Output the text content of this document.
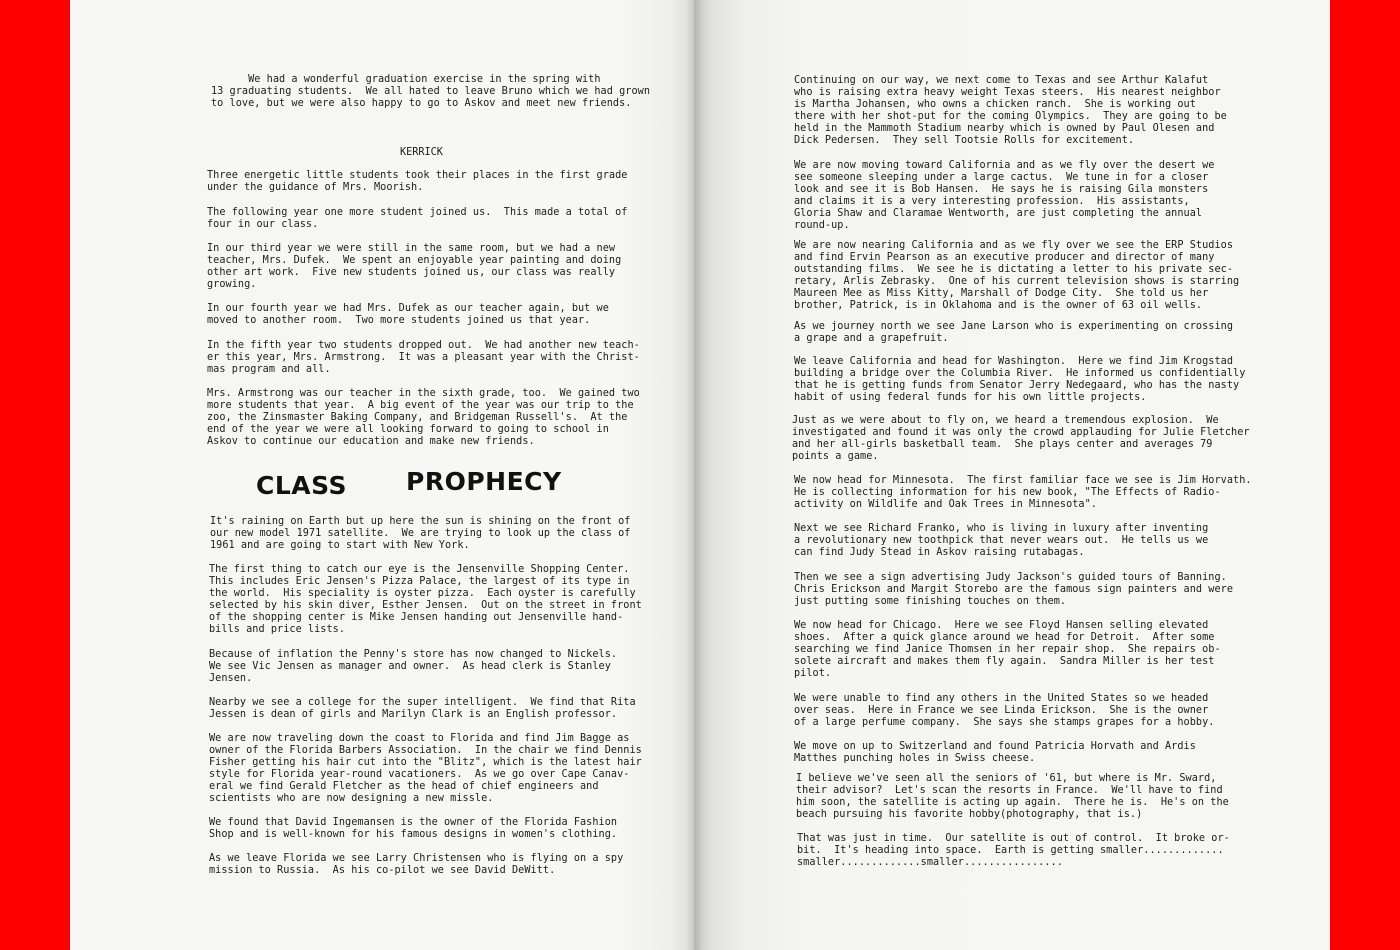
We had a wonderful graduation exercise in the spring with
13 graduating students.  We all hated to leave Bruno which we had grown
to love, but we were also happy to go to Askov and meet new friends.
KERRICK
Three energetic little students took their places in the first grade
under the guidance of Mrs. Moorish.
The following year one more student joined us.  This made a total of
four in our class.
In our third year we were still in the same room, but we had a new
teacher, Mrs. Dufek.  We spent an enjoyable year painting and doing
other art work.  Five new students joined us, our class was really
growing.
In our fourth year we had Mrs. Dufek as our teacher again, but we
moved to another room.  Two more students joined us that year.
In the fifth year two students dropped out.  We had another new teach-
er this year, Mrs. Armstrong.  It was a pleasant year with the Christ-
mas program and all.
Mrs. Armstrong was our teacher in the sixth grade, too.  We gained two
more students that year.  A big event of the year was our trip to the
zoo, the Zinsmaster Baking Company, and Bridgeman Russell's.  At the
end of the year we were all looking forward to going to school in
Askov to continue our education and make new friends.
CLASS PROPHECY
It's raining on Earth but up here the sun is shining on the front of
our new model 1971 satellite.  We are trying to look up the class of
1961 and are going to start with New York.
The first thing to catch our eye is the Jensenville Shopping Center.
This includes Eric Jensen's Pizza Palace, the largest of its type in
the world.  His speciality is oyster pizza.  Each oyster is carefully
selected by his skin diver, Esther Jensen.  Out on the street in front
of the shopping center is Mike Jensen handing out Jensenville hand-
bills and price lists.
Because of inflation the Penny's store has now changed to Nickels.
We see Vic Jensen as manager and owner.  As head clerk is Stanley
Jensen.
Nearby we see a college for the super intelligent.  We find that Rita
Jessen is dean of girls and Marilyn Clark is an English professor.
We are now traveling down the coast to Florida and find Jim Bagge as
owner of the Florida Barbers Association.  In the chair we find Dennis
Fisher getting his hair cut into the "Blitz", which is the latest hair
style for Florida year-round vacationers.  As we go over Cape Canav-
eral we find Gerald Fletcher as the head of chief engineers and
scientists who are now designing a new missle.
We found that David Ingemansen is the owner of the Florida Fashion
Shop and is well-known for his famous designs in women's clothing.
As we leave Florida we see Larry Christensen who is flying on a spy
mission to Russia.  As his co-pilot we see David DeWitt.
Continuing on our way, we next come to Texas and see Arthur Kalafut
who is raising extra heavy weight Texas steers.  His nearest neighbor
is Martha Johansen, who owns a chicken ranch.  She is working out
there with her shot-put for the coming Olympics.  They are going to be
held in the Mammoth Stadium nearby which is owned by Paul Olesen and
Dick Pedersen.  They sell Tootsie Rolls for excitement.
We are now moving toward California and as we fly over the desert we
see someone sleeping under a large cactus.  We tune in for a closer
look and see it is Bob Hansen.  He says he is raising Gila monsters
and claims it is a very interesting profession.  His assistants,
Gloria Shaw and Claramae Wentworth, are just completing the annual
round-up.
We are now nearing California and as we fly over we see the ERP Studios
and find Ervin Pearson as an executive producer and director of many
outstanding films.  We see he is dictating a letter to his private sec-
retary, Arlis Zebrasky.  One of his current television shows is starring
Maureen Mee as Miss Kitty, Marshall of Dodge City.  She told us her
brother, Patrick, is in Oklahoma and is the owner of 63 oil wells.
As we journey north we see Jane Larson who is experimenting on crossing
a grape and a grapefruit.
We leave California and head for Washington.  Here we find Jim Krogstad
building a bridge over the Columbia River.  He informed us confidentially
that he is getting funds from Senator Jerry Nedegaard, who has the nasty
habit of using federal funds for his own little projects.
Just as we were about to fly on, we heard a tremendous explosion.  We
investigated and found it was only the crowd applauding for Julie Fletcher
and her all-girls basketball team.  She plays center and averages 79
points a game.
We now head for Minnesota.  The first familiar face we see is Jim Horvath.
He is collecting information for his new book, "The Effects of Radio-
activity on Wildlife and Oak Trees in Minnesota".
Next we see Richard Franko, who is living in luxury after inventing
a revolutionary new toothpick that never wears out.  He tells us we
can find Judy Stead in Askov raising rutabagas.
Then we see a sign advertising Judy Jackson's guided tours of Banning.
Chris Erickson and Margit Storebo are the famous sign painters and were
just putting some finishing touches on them.
We now head for Chicago.  Here we see Floyd Hansen selling elevated
shoes.  After a quick glance around we head for Detroit.  After some
searching we find Janice Thomsen in her repair shop.  She repairs ob-
solete aircraft and makes them fly again.  Sandra Miller is her test
pilot.
We were unable to find any others in the United States so we headed
over seas.  Here in France we see Linda Erickson.  She is the owner
of a large perfume company.  She says she stamps grapes for a hobby.
We move on up to Switzerland and found Patricia Horvath and Ardis
Matthes punching holes in Swiss cheese.
I believe we've seen all the seniors of '61, but where is Mr. Sward,
their advisor?  Let's scan the resorts in France.  We'll have to find
him soon, the satellite is acting up again.  There he is.  He's on the
beach pursuing his favorite hobby(photography, that is.)
That was just in time.  Our satellite is out of control.  It broke or-
bit.  It's heading into space.  Earth is getting smaller.............
smaller.............smaller................
